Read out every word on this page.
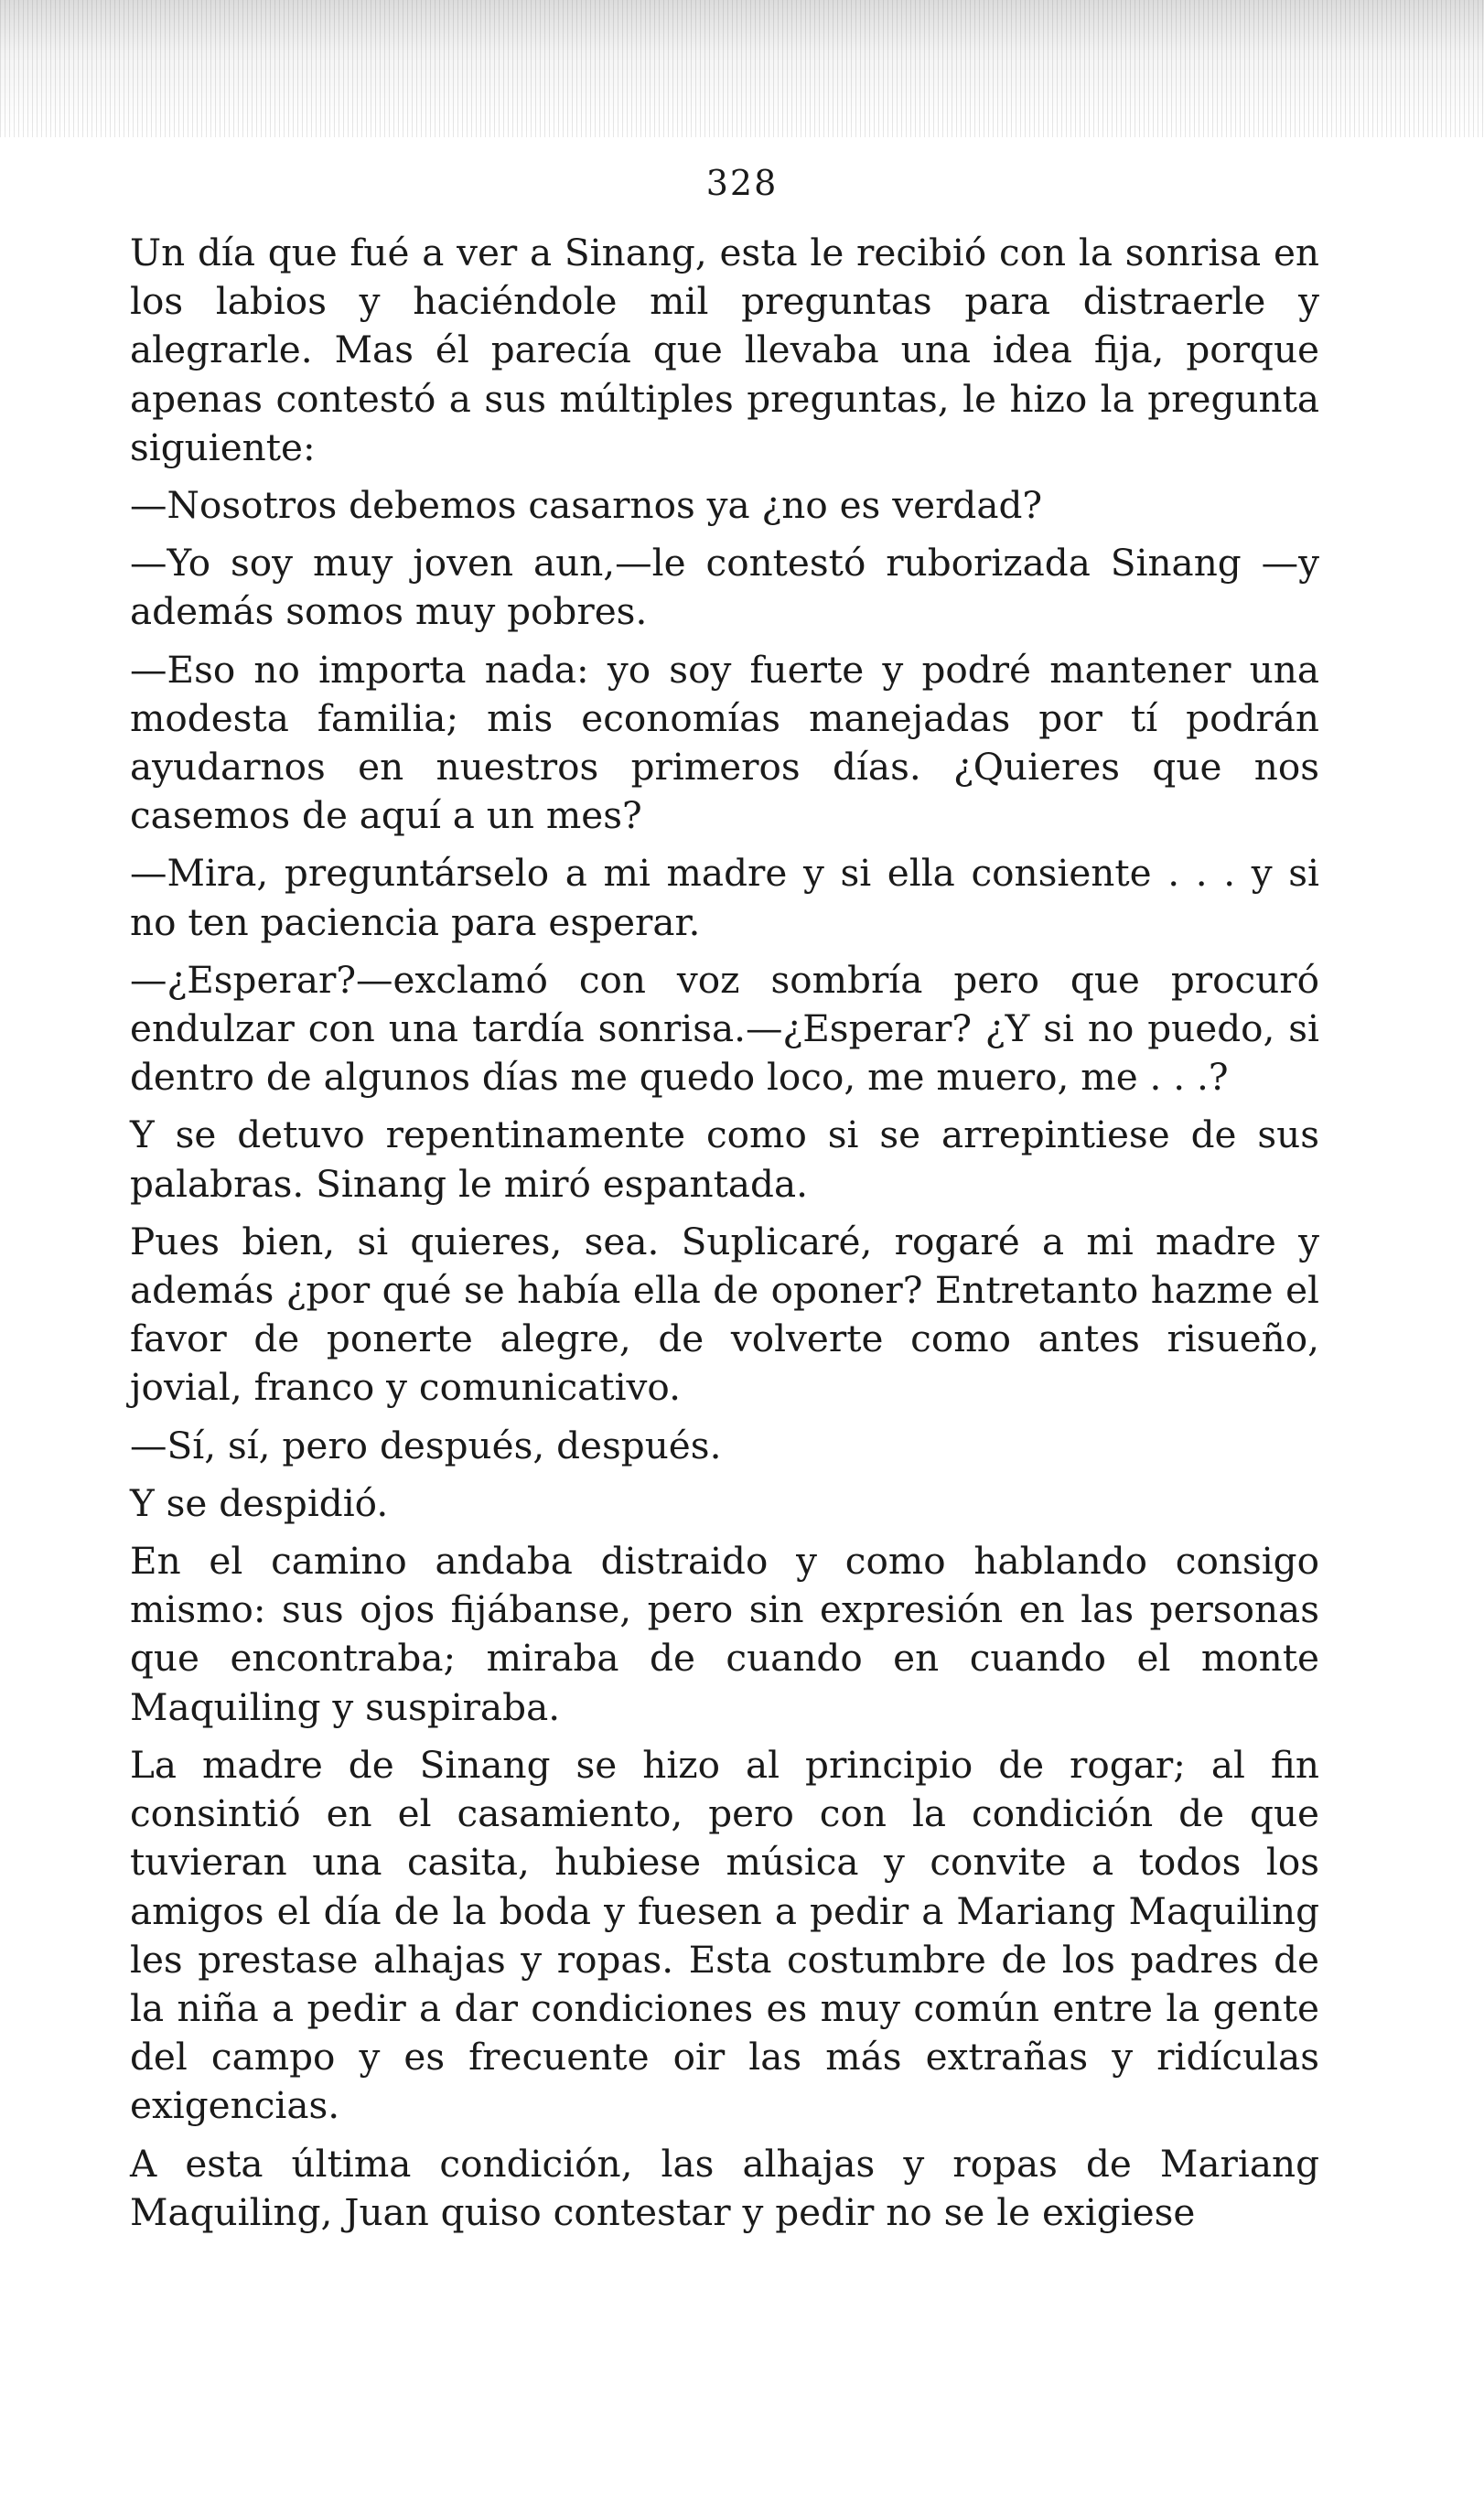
328

Un día que fué a ver a Sinang, esta le recibió con la sonrisa en los labios y haciéndole mil preguntas para distraerle y alegrarle. Mas él parecía que llevaba una idea fija, porque apenas contestó a sus múltiples preguntas, le hizo la pregunta siguiente:

—Nosotros debemos casarnos ya ¿no es verdad?

—Yo soy muy joven aun,—le contestó ruborizada Sinang —y además somos muy pobres.

—Eso no importa nada: yo soy fuerte y podré mantener una modesta familia; mis economías manejadas por tí podrán ayudarnos en nuestros primeros días. ¿Quieres que nos casemos de aquí a un mes?

—Mira, preguntárselo a mi madre y si ella consiente . . . y si no ten paciencia para esperar.

—¿Esperar?—exclamó con voz sombría pero que procuró endulzar con una tardía sonrisa.—¿Esperar? ¿Y si no puedo, si dentro de algunos días me quedo loco, me muero, me . . .?

Y se detuvo repentinamente como si se arrepintiese de sus palabras. Sinang le miró espantada.

Pues bien, si quieres, sea. Suplicaré, rogaré a mi madre y además ¿por qué se había ella de oponer? Entretanto hazme el favor de ponerte alegre, de volverte como antes risueño, jovial, franco y comunicativo.

—Sí, sí, pero después, después.

Y se despidió.

En el camino andaba distraido y como hablando consigo mismo: sus ojos fijábanse, pero sin expresión en las personas que encontraba; miraba de cuando en cuando el monte Maquiling y suspiraba.

La madre de Sinang se hizo al principio de rogar; al fin consintió en el casamiento, pero con la condición de que tuvieran una casita, hubiese música y convite a todos los amigos el día de la boda y fuesen a pedir a Mariang Maquiling les prestase alhajas y ropas. Esta costumbre de los padres de la niña a pedir a dar condiciones es muy común entre la gente del campo y es frecuente oir las más extrañas y ridículas exigencias.

A esta última condición, las alhajas y ropas de Mariang Maquiling, Juan quiso contestar y pedir no se le exigiese
